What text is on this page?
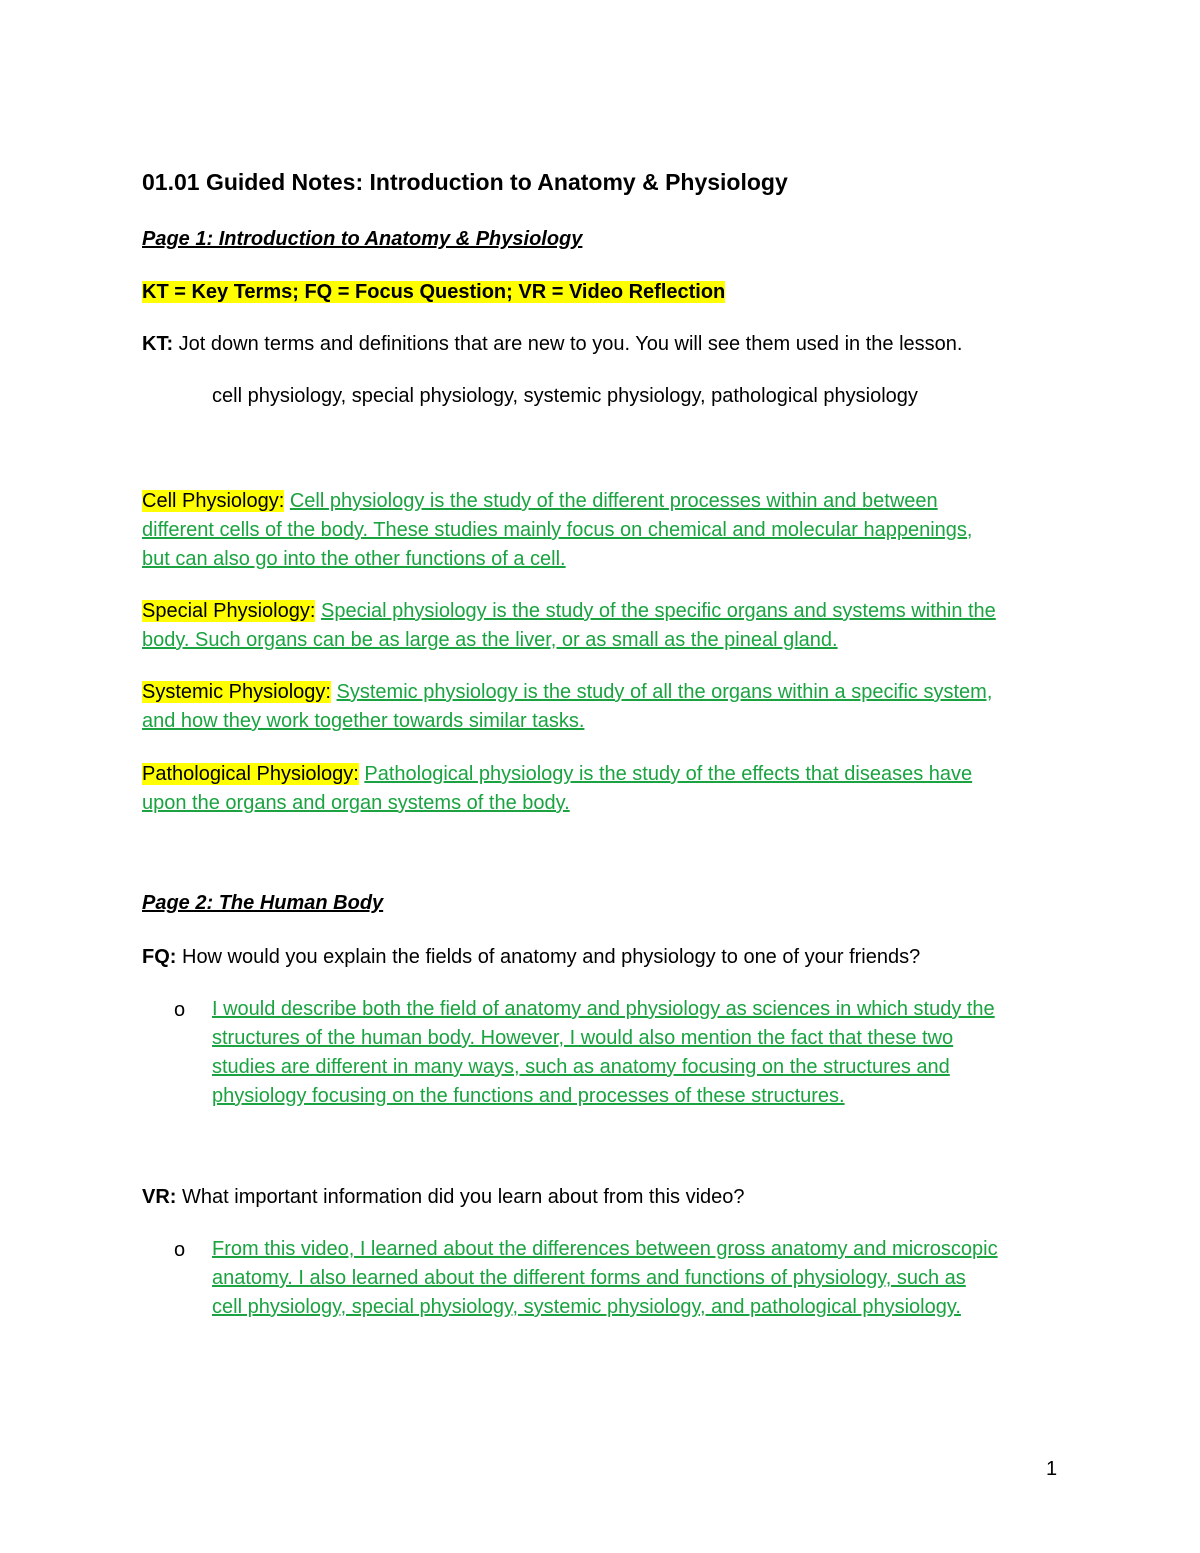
01.01 Guided Notes: Introduction to Anatomy & Physiology
Page 1: Introduction to Anatomy & Physiology
KT = Key Terms; FQ = Focus Question; VR = Video Reflection
KT: Jot down terms and definitions that are new to you. You will see them used in the lesson.
cell physiology, special physiology, systemic physiology, pathological physiology
Cell Physiology: Cell physiology is the study of the different processes within and between
different cells of the body. These studies mainly focus on chemical and molecular happenings,
but can also go into the other functions of a cell.
Special Physiology: Special physiology is the study of the specific organs and systems within the
body. Such organs can be as large as the liver, or as small as the pineal gland.
Systemic Physiology: Systemic physiology is the study of all the organs within a specific system,
and how they work together towards similar tasks.
Pathological Physiology: Pathological physiology is the study of the effects that diseases have
upon the organs and organ systems of the body.
Page 2: The Human Body
FQ: How would you explain the fields of anatomy and physiology to one of your friends?
o I would describe both the field of anatomy and physiology as sciences in which study the
structures of the human body. However, I would also mention the fact that these two
studies are different in many ways, such as anatomy focusing on the structures and
physiology focusing on the functions and processes of these structures.
VR: What important information did you learn about from this video?
o From this video, I learned about the differences between gross anatomy and microscopic
anatomy. I also learned about the different forms and functions of physiology, such as
cell physiology, special physiology, systemic physiology, and pathological physiology.
1
